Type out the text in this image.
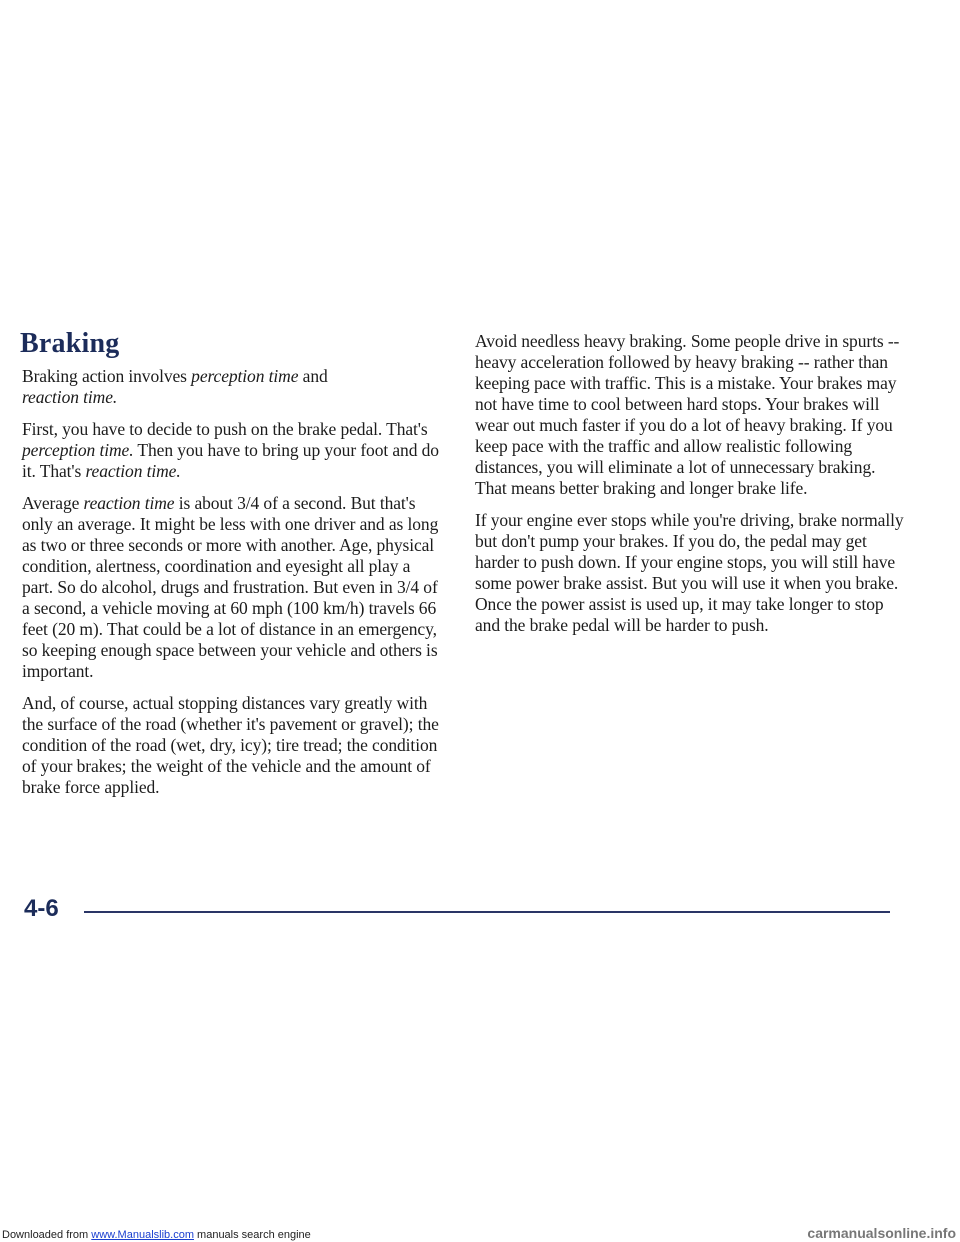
Braking

Braking action involves perception time and
reaction time.

First, you have to decide to push on the brake pedal. That's perception time. Then you have to bring up your foot and do it. That's reaction time.

Average reaction time is about 3/4 of a second. But that's only an average. It might be less with one driver and as long as two or three seconds or more with another. Age, physical condition, alertness, coordination and eyesight all play a part. So do alcohol, drugs and frustration. But even in 3/4 of a second, a vehicle moving at 60 mph (100 km/h) travels 66 feet (20 m). That could be a lot of distance in an emergency, so keeping enough space between your vehicle and others is important.

And, of course, actual stopping distances vary greatly with the surface of the road (whether it's pavement or gravel); the condition of the road (wet, dry, icy); tire tread; the condition of your brakes; the weight of the vehicle and the amount of brake force applied.

Avoid needless heavy braking. Some people drive in spurts -- heavy acceleration followed by heavy braking -- rather than keeping pace with traffic. This is a mistake. Your brakes may not have time to cool between hard stops. Your brakes will wear out much faster if you do a lot of heavy braking. If you keep pace with the traffic and allow realistic following distances, you will eliminate a lot of unnecessary braking. That means better braking and longer brake life.

If your engine ever stops while you're driving, brake normally but don't pump your brakes. If you do, the pedal may get harder to push down. If your engine stops, you will still have some power brake assist. But you will use it when you brake. Once the power assist is used up, it may take longer to stop and the brake pedal will be harder to push.

4-6
Downloaded from www.Manualslib.com manuals search engine	carmanualsonline.info
